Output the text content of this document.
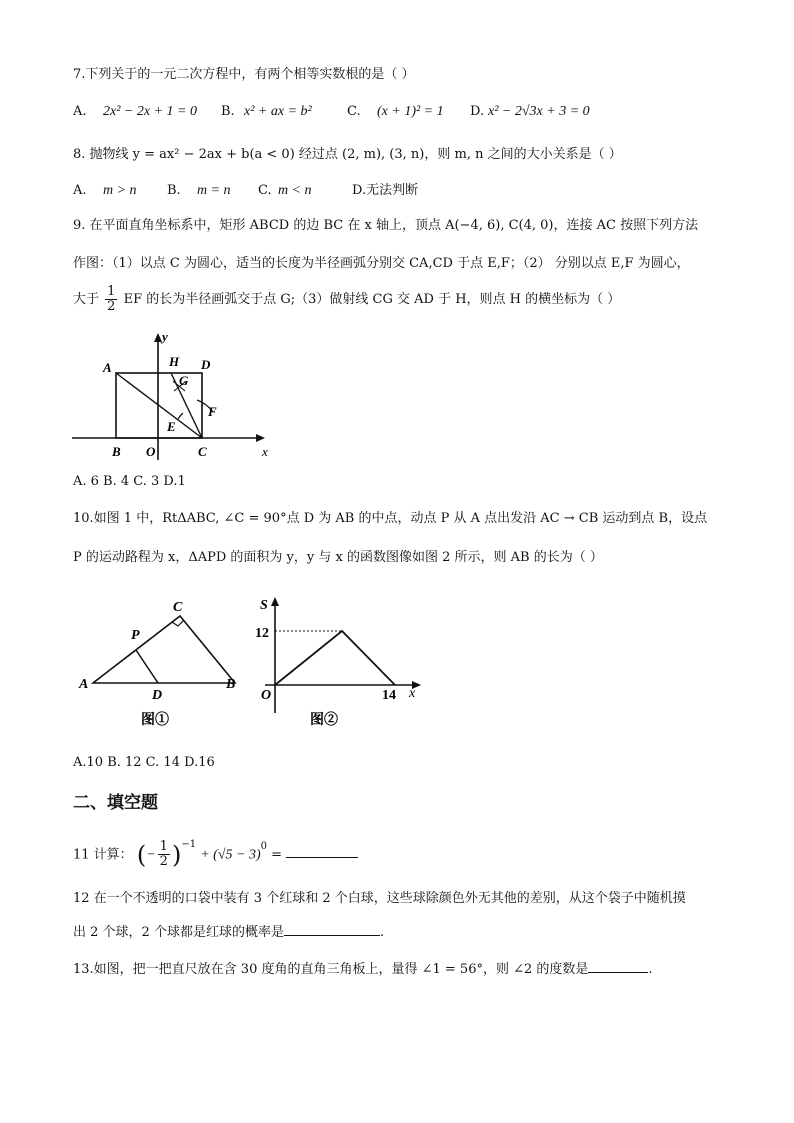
7.下列关于的一元二次方程中，有两个相等实数根的是（ ）
A. 2x² − 2x + 1 = 0 B. x² + ax = b²	C. (x + 1)² = 1 D. x² − 2√3x + 3 = 0
8. 抛物线 y = ax² − 2ax + b(a < 0) 经过点 (2, m), (3, n)，则 m, n 之间的大小关系是（ ）
A. m > n B. m = n C. m < n	D.无法判断
9. 在平面直角坐标系中，矩形 ABCD 的边 BC 在 x 轴上，顶点 A(−4, 6), C(4, 0)，连接 AC 按照下列方法
作图：（1）以点 C 为圆心，适当的长度为半径画弧分别交 CA,CD 于点 E,F；（2） 分别以点 E,F 为圆心，
大于 $\frac{1}{2}$ EF 的长为半径画弧交于点 G;（3）做射线 CG 交 AD 于 H，则点 H 的横坐标为（ ）
A
y
H D
G
F
E
B O	C	x
A. 6 B. 4 C. 3 D.1
10.如图 1 中，RtΔABC, ∠C = 90°点 D 为 AB 的中点，动点 P 从 A 点出发沿 AC → CB 运动到点 B，设点
P 的运动路程为 x，ΔAPD 的面积为 y，y 与 x 的函数图像如图 2 所示，则 AB 的长为（ ）
C
P
A
D
B
图①
S
12
O	14 x
图②
A.10 B. 12 C. 14 D.16
二、填空题
11 计算： (− $\frac{1}{2} )^{-1} + (√5 - 3)^0$ =
12 在一个不透明的口袋中装有 3 个红球和 2 个白球，这些球除颜色外无其他的差别，从这个袋子中随机摸
出 2 个球，2 个球都是红球的概率是	.
13.如图，把一把直尺放在含 30 度角的直角三角板上，量得 ∠1 = 56°，则 ∠2 的度数是	.
